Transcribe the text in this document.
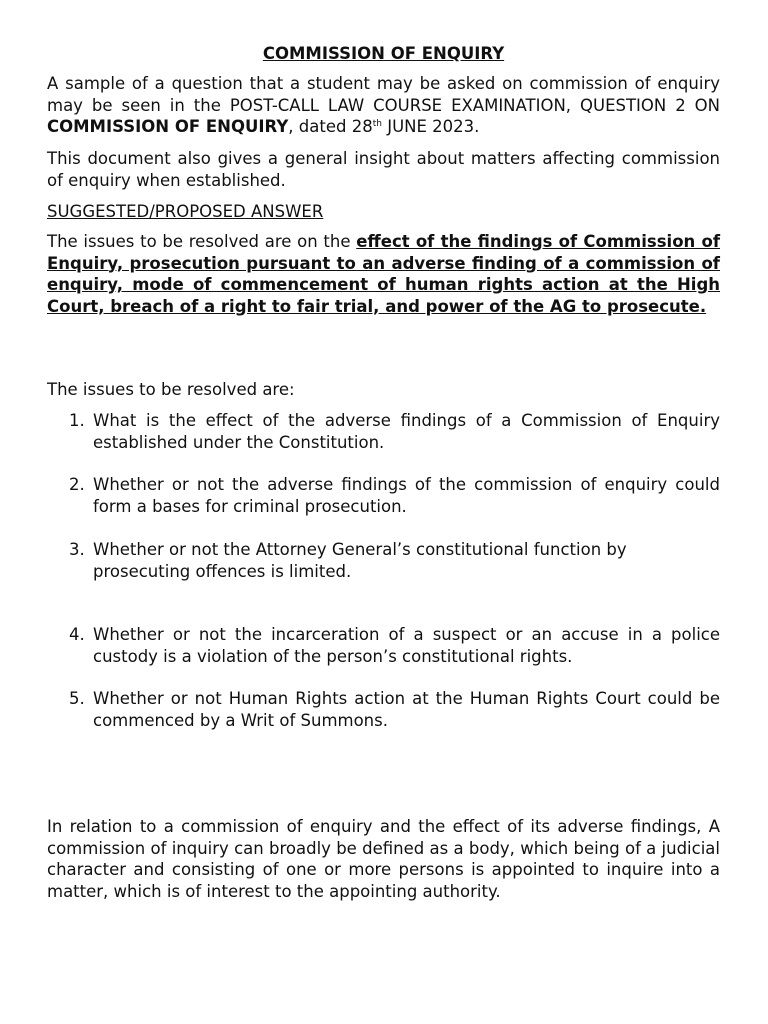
COMMISSION OF ENQUIRY

A sample of a question that a student may be asked on commission of enquiry may be seen in the POST-CALL LAW COURSE EXAMINATION, QUESTION 2 ON COMMISSION OF ENQUIRY, dated 28th JUNE 2023.

This document also gives a general insight about matters affecting commission of enquiry when established.

SUGGESTED/PROPOSED ANSWER

The issues to be resolved are on the effect of the findings of Commission of Enquiry, prosecution pursuant to an adverse finding of a commission of enquiry, mode of commencement of human rights action at the High Court, breach of a right to fair trial, and power of the AG to prosecute.

The issues to be resolved are:

1. What is the effect of the adverse findings of a Commission of Enquiry established under the Constitution.
2. Whether or not the adverse findings of the commission of enquiry could form a bases for criminal prosecution.
3. Whether or not the Attorney General’s constitutional function by prosecuting offences is limited.
4. Whether or not the incarceration of a suspect or an accuse in a police custody is a violation of the person’s constitutional rights.
5. Whether or not Human Rights action at the Human Rights Court could be commenced by a Writ of Summons.

In relation to a commission of enquiry and the effect of its adverse findings, A commission of inquiry can broadly be defined as a body, which being of a judicial character and consisting of one or more persons is appointed to inquire into a matter, which is of interest to the appointing authority.
